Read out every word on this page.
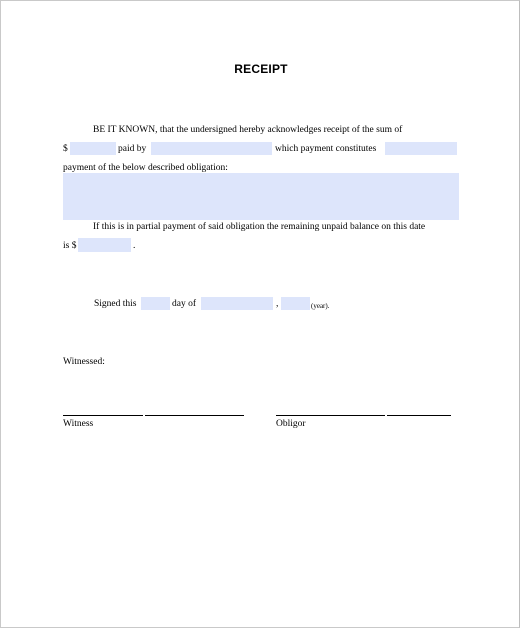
RECEIPT
BE IT KNOWN, that the undersigned hereby acknowledges receipt of the sum of
$	paid by	which payment constitutes
payment of the below described obligation:
If this is in partial payment of said obligation the remaining unpaid balance on this date
is $	.
Signed this	day of	,	(year).
Witnessed:
Witness	Obligor
